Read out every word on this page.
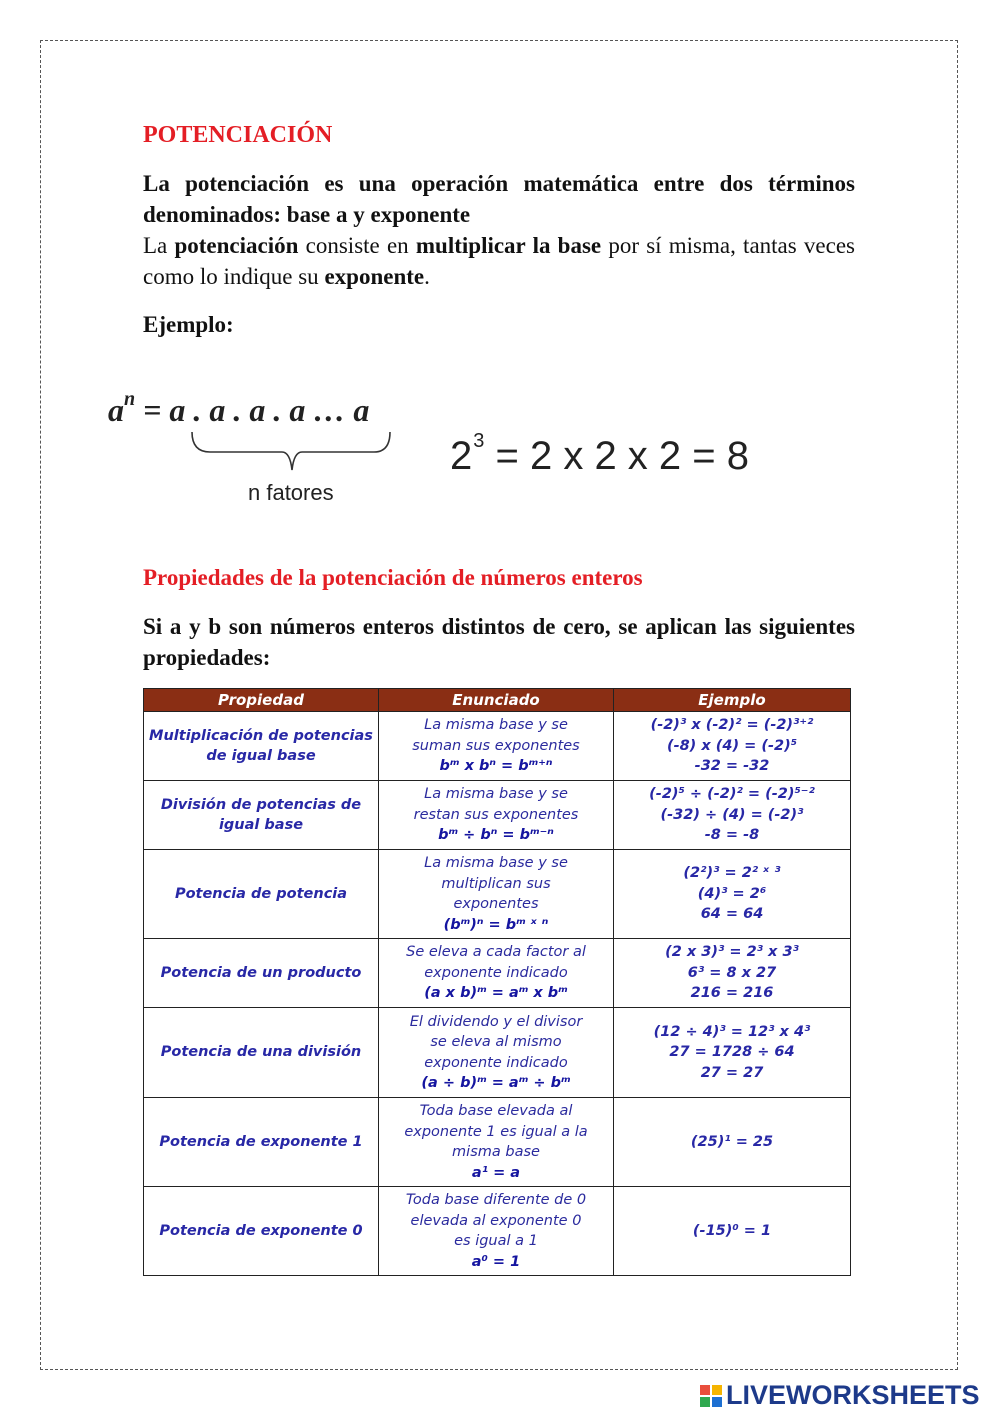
POTENCIACIÓN
La potenciación es una operación matemática entre dos términos denominados: base a y exponente
La potenciación consiste en multiplicar la base por sí misma, tantas veces como lo indique su exponente.

Ejemplo:

$a^n = a$ . a . a . a … a
n fatores
$2^3 = 2$ x 2 x 2 = 8
Propiedades de la potenciación de números enteros

Si a y b son números enteros distintos de cero, se aplican las siguientes propiedades:

Propiedad	Enunciado	Ejemplo
Multiplicación de potencias de igual base	La misma base y se
suman sus exponentes
bᵐ x bⁿ = bᵐ⁺ⁿ	(-2)³ x (-2)² = (-2)³⁺²
(-8) x (4) = (-2)⁵
-32 = -32

División de potencias de igual base	La misma base y se
restan sus exponentes
bᵐ ÷ bⁿ = bᵐ⁻ⁿ	(-2)⁵ ÷ (-2)² = (-2)⁵⁻²
(-32) ÷ (4) = (-2)³
-8 = -8

Potencia de potencia	La misma base y se
multiplican sus
exponentes
(bᵐ)ⁿ = bᵐ ˣ ⁿ	(2²)³ = 2² ˣ ³
(4)³ = 2⁶
64 = 64

Potencia de un producto	Se eleva a cada factor al
exponente indicado
(a x b)ᵐ = aᵐ x bᵐ	(2 x 3)³ = 2³ x 3³
6³ = 8 x 27
216 = 216

Potencia de una división	El dividendo y el divisor
se eleva al mismo
exponente indicado
(a ÷ b)ᵐ = aᵐ ÷ bᵐ	(12 ÷ 4)³ = 12³ x 4³
27 = 1728 ÷ 64
27 = 27

Potencia de exponente 1	Toda base elevada al
exponente 1 es igual a la
misma base
a¹ = a	(25)¹ = 25

Potencia de exponente 0	Toda base diferente de 0
elevada al exponente 0
es igual a 1
a⁰ = 1	(-15)⁰ = 1
LIVEWORKSHEETS
